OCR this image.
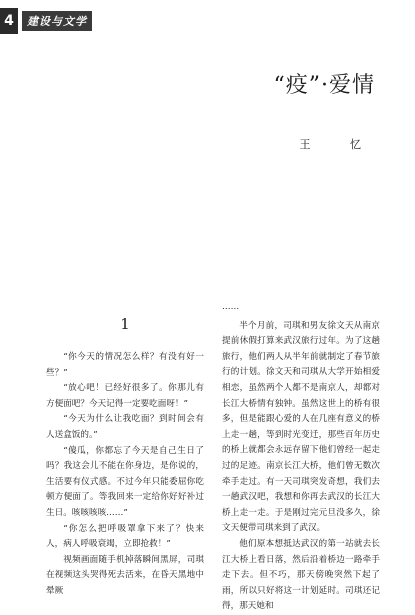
4	建设与文学
“疫”·爱情
王 忆
1

“你今天的情况怎么样？有没有好一些？”

“放心吧！已经好很多了。你那儿有方便面吧？今天记得一定要吃面呀！”

“今天为什么让我吃面？到时间会有人送盒饭的。”

“傻瓜，你都忘了今天是自己生日了吗？我这会儿不能在你身边，是你说的，生活要有仪式感。不过今年只能委屈你吃顿方便面了。等我回来一定给你好好补过生日。咳咳咳咳……”

“你怎么把呼吸罩拿下来了？快来人，病人呼吸衰竭，立即抢救！”

视频画面随手机掉落瞬间黑屏，司琪在视频这头哭得死去活来，在昏天黑地中晕厥

……

半个月前，司琪和男友徐文天从南京提前休假打算来武汉旅行过年。为了这趟旅行，他们两人从半年前就制定了春节旅行的计划。徐文天和司琪从大学开始相爱相恋，虽然两个人都不是南京人，却都对长江大桥情有独钟。虽然这世上的桥有很多，但是能跟心爱的人在几座有意义的桥上走一趟，等到时光变迁，那些百年历史的桥上就都会永远存留下他们曾经一起走过的足迹。南京长江大桥，他们曾无数次牵手走过。有一天司琪突发奇想，我们去一趟武汉吧，我想和你再去武汉的长江大桥上走一走。于是刚过完元旦没多久，徐文天便带司琪来到了武汉。

他们原本想抵达武汉的第一站就去长江大桥上看日落，然后沿着桥边一路牵手走下去。但不巧，那天傍晚突然下起了雨，所以只好将这一计划延时。司琪还记得，那天她和
